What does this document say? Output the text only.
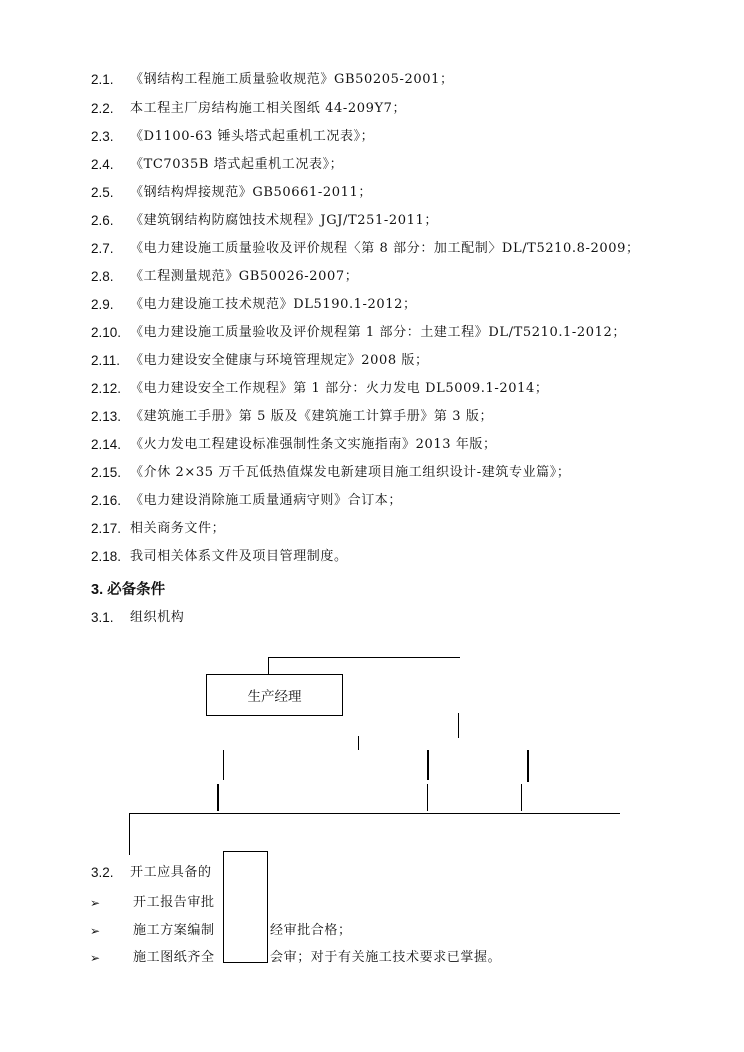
2.1. 《钢结构工程施工质量验收规范》GB50205-2001；
2.2. 本工程主厂房结构施工相关图纸 44-209Y7；
2.3. 《D1100-63 锤头塔式起重机工况表》；
2.4. 《TC7035B 塔式起重机工况表》；
2.5. 《钢结构焊接规范》GB50661-2011；
2.6. 《建筑钢结构防腐蚀技术规程》JGJ/T251-2011；
2.7. 《电力建设施工质量验收及评价规程〈第 8 部分：加工配制〉DL/T5210.8-2009；
2.8. 《工程测量规范》GB50026-2007；
2.9. 《电力建设施工技术规范》DL5190.1-2012；
2.10. 《电力建设施工质量验收及评价规程第 1 部分：土建工程》DL/T5210.1-2012；
2.11. 《电力建设安全健康与环境管理规定》2008 版；
2.12. 《电力建设安全工作规程》第 1 部分：火力发电 DL5009.1-2014；
2.13. 《建筑施工手册》第 5 版及《建筑施工计算手册》第 3 版；
2.14. 《火力发电工程建设标准强制性条文实施指南》2013 年版；
2.15. 《介休 2×35 万千瓦低热值煤发电新建项目施工组织设计-建筑专业篇》；
2.16. 《电力建设消除施工质量通病守则》合订本；
2.17. 相关商务文件；
2.18. 我司相关体系文件及项目管理制度。
3. 必备条件
3.1. 组织机构
生产经理
3.2. 开工应具备的
➢	开工报告审批
➢	施工方案编制	经审批合格；
➢	施工图纸齐全	会审；对于有关施工技术要求已掌握。
